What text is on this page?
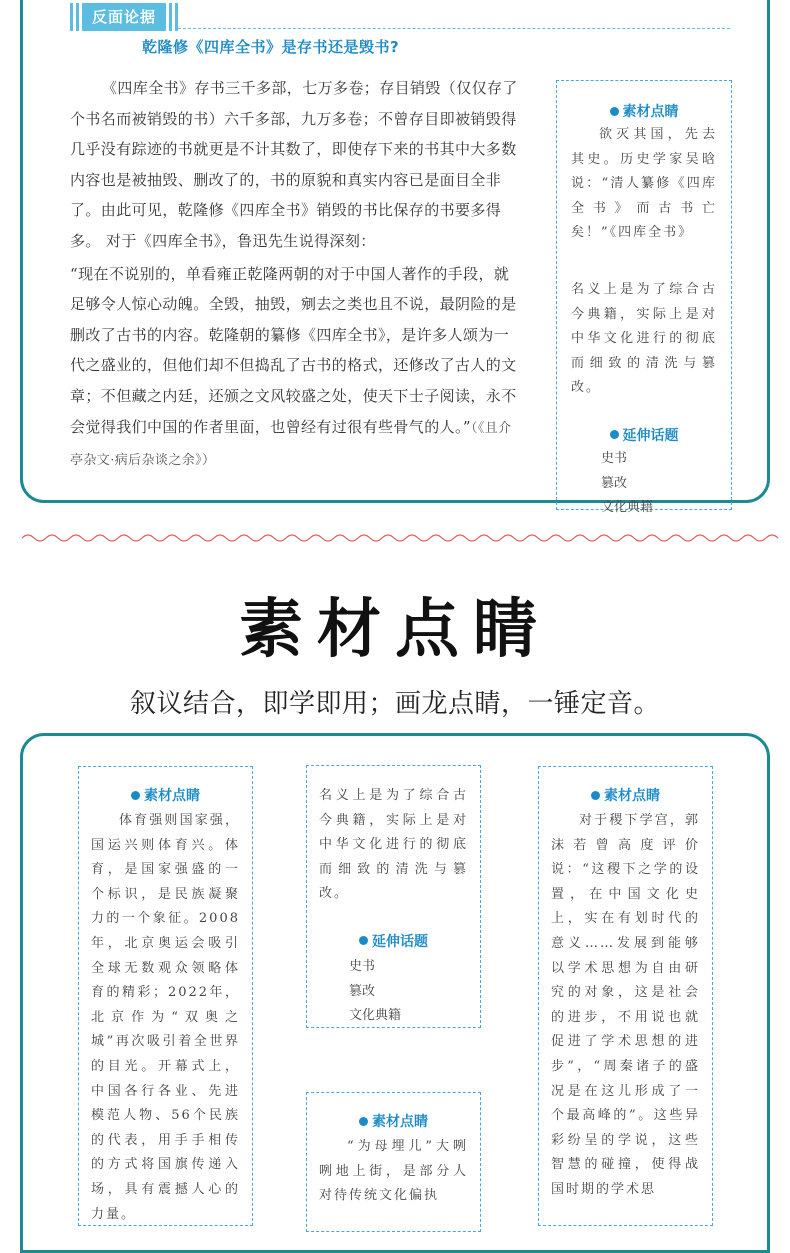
反面论据
乾隆修《四库全书》是存书还是毁书?

《四库全书》存书三千多部，七万多卷；存目销毁（仅仅存了个书名而被销毁的书）六千多部，九万多卷；不曾存目即被销毁得几乎没有踪迹的书就更是不计其数了，即使存下来的书其中大多数内容也是被抽毁、删改了的，书的原貌和真实内容已是面目全非了。由此可见，乾隆修《四库全书》销毁的书比保存的书要多得多。 对于《四库全书》，鲁迅先生说得深刻：

“现在不说别的，单看雍正乾隆两朝的对于中国人著作的手段，就足够令人惊心动魄。全毁，抽毁，剜去之类也且不说，最阴险的是删改了古书的内容。乾隆朝的纂修《四库全书》，是许多人颂为一代之盛业的，但他们却不但捣乱了古书的格式，还修改了古人的文章；不但藏之内廷，还颁之文风较盛之处，使天下士子阅读，永不会觉得我们中国的作者里面，也曾经有过很有些骨气的人。”（《且介亭杂文·病后杂谈之余》）

素材点睛

欲灭其国，先去其史。历史学家吴晗说：“清人纂修《四库全书》而古书亡矣！”《四库全书》

名义上是为了综合古今典籍，实际上是对中华文化进行的彻底而细致的清洗与篡改。

延伸话题
史书
篡改
文化典籍
素材点睛
叙议结合，即学即用；画龙点睛，一锤定音。
素材点睛

体育强则国家强，国运兴则体育兴。体育，是国家强盛的一个标识，是民族凝聚力的一个象征。2008年，北京奥运会吸引全球无数观众领略体育的精彩；2022年，北京作为“双奥之城”再次吸引着全世界的目光。开幕式上，中国各行各业、先进模范人物、56个民族的代表，用手手相传的方式将国旗传递入场，具有震撼人心的力量。

名义上是为了综合古今典籍，实际上是对中华文化进行的彻底而细致的清洗与篡改。

延伸话题
史书
篡改
文化典籍
素材点睛

“为母埋儿”大咧咧地上街，是部分人对待传统文化偏执

素材点睛

对于稷下学宫，郭沫若曾高度评价说：“这稷下之学的设置，在中国文化史上，实在有划时代的意义……发展到能够以学术思想为自由研究的对象，这是社会的进步，不用说也就促进了学术思想的进步”，“周秦诸子的盛况是在这儿形成了一个最高峰的”。这些异彩纷呈的学说，这些智慧的碰撞，使得战国时期的学术思
